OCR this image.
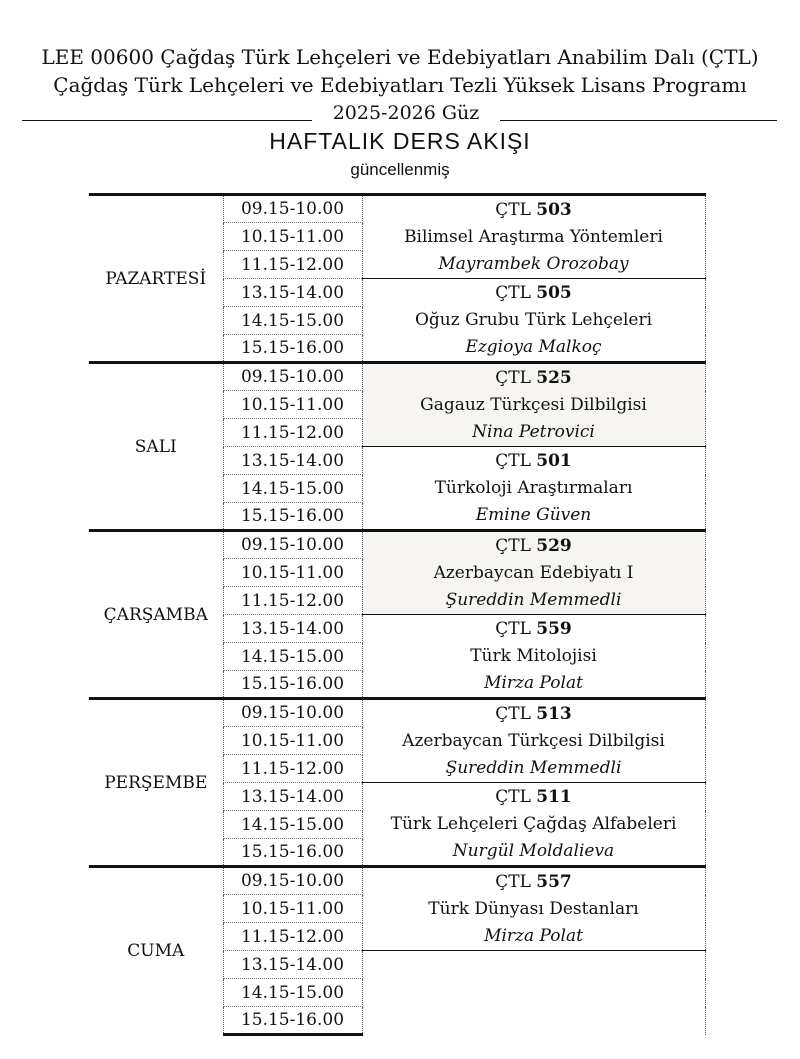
LEE 00600 Çağdaş Türk Lehçeleri ve Edebiyatları Anabilim Dalı (ÇTL)
Çağdaş Türk Lehçeleri ve Edebiyatları Tezli Yüksek Lisans Programı
2025-2026 Güz
HAFTALIK DERS AKIŞI
güncellenmiş
PAZARTESİ	09.15-10.00	ÇTL 503
Bilimsel Araştırma Yöntemleri
Mayrambek Orozobay

	10.15-11.00	
	11.15-12.00	
	13.15-14.00	ÇTL 505
Oğuz Grubu Türk Lehçeleri
Ezgioya Malkoç

	14.15-15.00	
	15.15-16.00	
SALI	09.15-10.00	ÇTL 525
Gagauz Türkçesi Dilbilgisi
Nina Petrovici

	10.15-11.00	
	11.15-12.00	
	13.15-14.00	ÇTL 501
Türkoloji Araştırmaları
Emine Güven

	14.15-15.00	
	15.15-16.00	
ÇARŞAMBA	09.15-10.00	ÇTL 529
Azerbaycan Edebiyatı I
Şureddin Memmedli

	10.15-11.00	
	11.15-12.00	
	13.15-14.00	ÇTL 559
Türk Mitolojisi
Mirza Polat

	14.15-15.00	
	15.15-16.00	
PERŞEMBE	09.15-10.00	ÇTL 513
Azerbaycan Türkçesi Dilbilgisi
Şureddin Memmedli

	10.15-11.00	
	11.15-12.00	
	13.15-14.00	ÇTL 511
Türk Lehçeleri Çağdaş Alfabeleri
Nurgül Moldalieva

	14.15-15.00	
	15.15-16.00	
CUMA	09.15-10.00	ÇTL 557
Türk Dünyası Destanları
Mirza Polat

	10.15-11.00	
	11.15-12.00	
	13.15-14.00	
	14.15-15.00	
	15.15-16.00	
